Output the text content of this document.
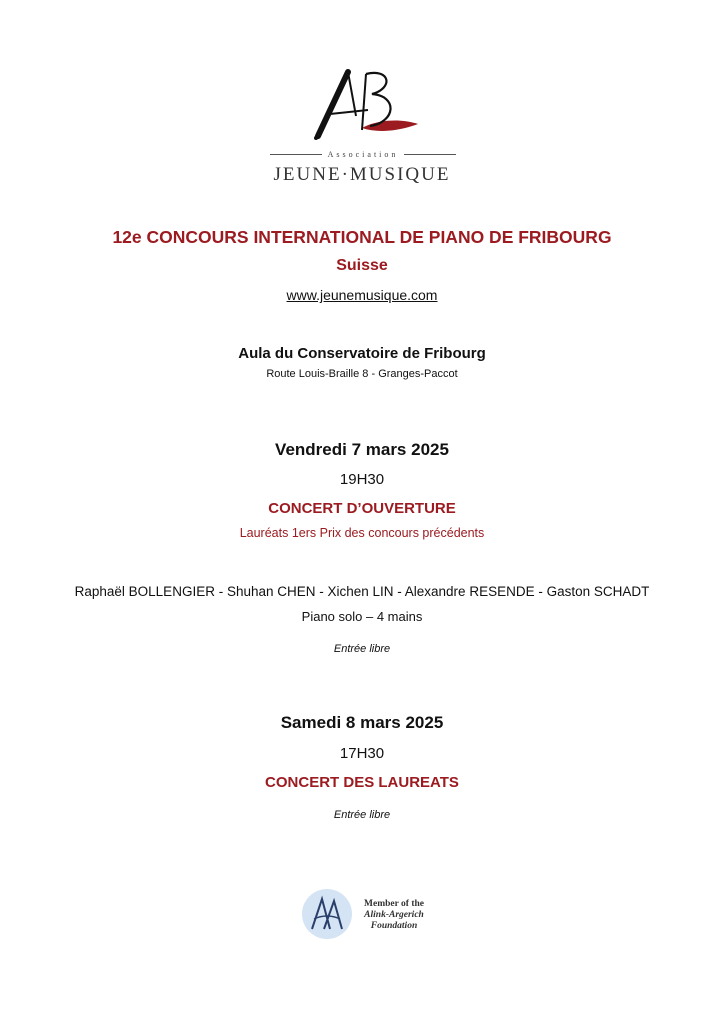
Association
JEUNE·MUSIQUE
12e CONCOURS INTERNATIONAL DE PIANO DE FRIBOURG
Suisse
www.jeunemusique.com
Aula du Conservatoire de Fribourg
Route Louis-Braille 8 - Granges-Paccot
Vendredi 7 mars 2025
19H30
CONCERT D’OUVERTURE
Lauréats 1ers Prix des concours précédents
Raphaël BOLLENGIER - Shuhan CHEN - Xichen LIN - Alexandre RESENDE - Gaston SCHADT
Piano solo – 4 mains
Entrée libre
Samedi 8 mars 2025
17H30
CONCERT DES LAUREATS
Entrée libre
Member of the
Alink-Argerich
Foundation
